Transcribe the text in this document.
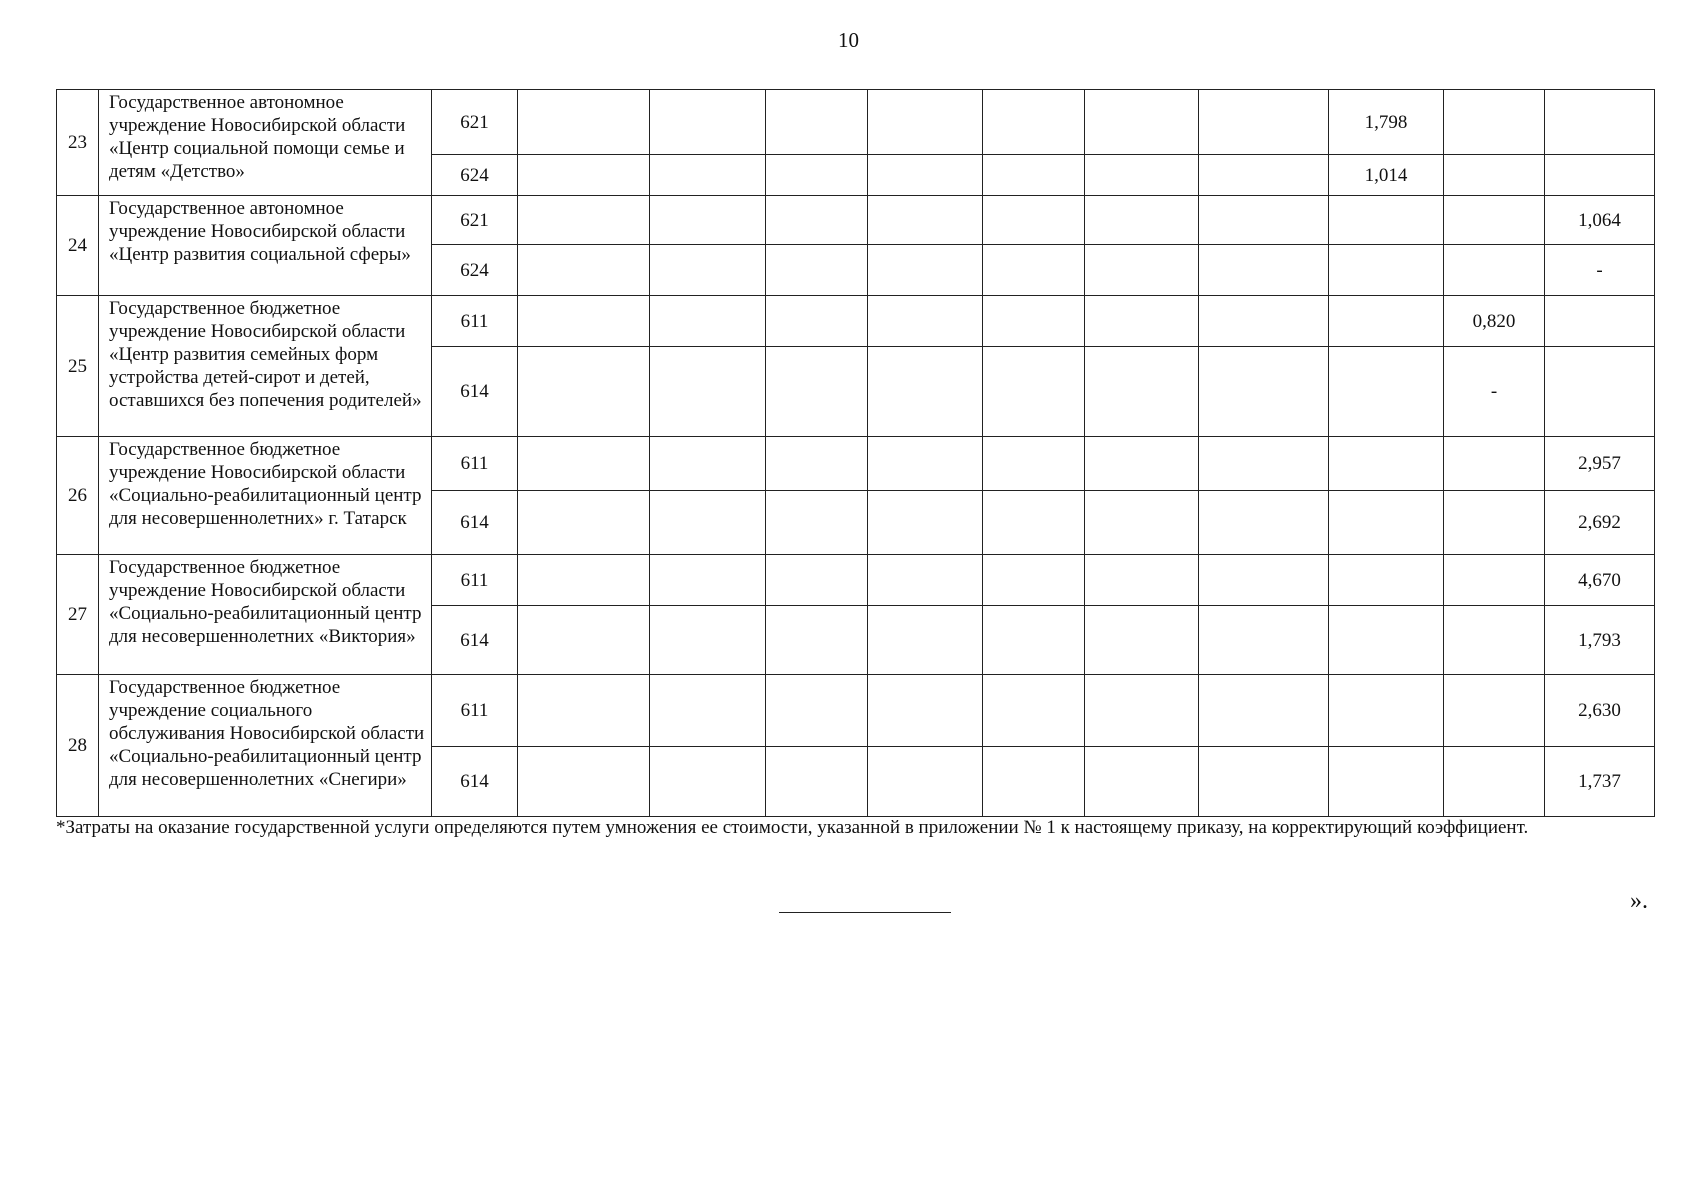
10
23	Государственное автономное учреждение Новосибирской области «Центр социальной помощи семье и детям «Детство»	621								1,798		
		624								1,014		
24	Государственное автономное учреждение Новосибирской области «Центр развития социальной сферы»	621										1,064
		624										-
25	Государственное бюджетное учреждение Новосибирской области «Центр развития семейных форм устройства детей-сирот и детей, оставшихся без попечения родителей»	611									0,820	
		614									-	
26	Государственное бюджетное учреждение Новосибирской области «Социально-реабилитационный центр для несовершеннолетних» г. Татарск	611										2,957
		614										2,692
27	Государственное бюджетное учреждение Новосибирской области «Социально-реабилитационный центр для несовершеннолетних «Виктория»	611										4,670
		614										1,793
28	Государственное бюджетное учреждение социального обслуживания Новосибирской области «Социально-реабилитационный центр для несовершеннолетних «Снегири»	611										2,630
		614										1,737
*Затраты на оказание государственной услуги определяются путем умножения ее стоимости, указанной в приложении № 1 к настоящему приказу, на корректирующий коэффициент.
».
